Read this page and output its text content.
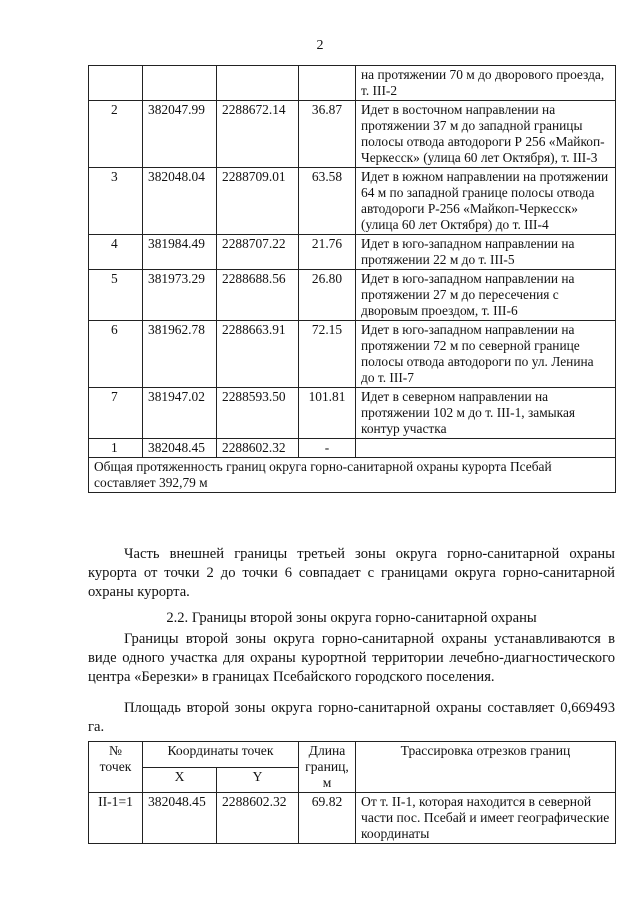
2
				на протяжении 70 м до дворового проезда, т. III-2
2	382047.99	2288672.14	36.87	Идет в восточном направлении на протяжении 37 м до западной границы полосы отвода автодороги Р 256 «Майкоп-Черкесск» (улица 60 лет Октября), т. III-3
3	382048.04	2288709.01	63.58	Идет в южном направлении на протяжении 64 м по западной границе полосы отвода автодороги Р-256 «Майкоп-Черкесск» (улица 60 лет Октября) до т. III-4
4	381984.49	2288707.22	21.76	Идет в юго-западном направлении на протяжении 22 м до т. III-5
5	381973.29	2288688.56	26.80	Идет в юго-западном направлении на протяжении 27 м до пересечения с дворовым проездом, т. III-6
6	381962.78	2288663.91	72.15	Идет в юго-западном направлении на протяжении 72 м по северной границе полосы отвода автодороги по ул. Ленина до т. III-7
7	381947.02	2288593.50	101.81	Идет в северном направлении на протяжении 102 м до т. III-1, замыкая контур участка
1	382048.45	2288602.32	-	
Общая протяженность границ округа горно-санитарной охраны курорта Псебай составляет 392,79 м				
Часть внешней границы третьей зоны округа горно-санитарной охраны курорта от точки 2 до точки 6 совпадает с границами округа горно-санитарной охраны курорта.
2.2. Границы второй зоны округа горно-санитарной охраны
Границы второй зоны округа горно-санитарной охраны устанавливаются в виде одного участка для охраны курортной территории лечебно-диагностического центра «Березки» в границах Псебайского городского поселения.
Площадь второй зоны округа горно-санитарной охраны составляет 0,669493 га.
№ точек	Координаты точек		Длина границ, м	Трассировка отрезков границ
	X	Y		
II-1=1	382048.45	2288602.32	69.82	От т. II-1, которая находится в северной части пос. Псебай и имеет географические координаты
